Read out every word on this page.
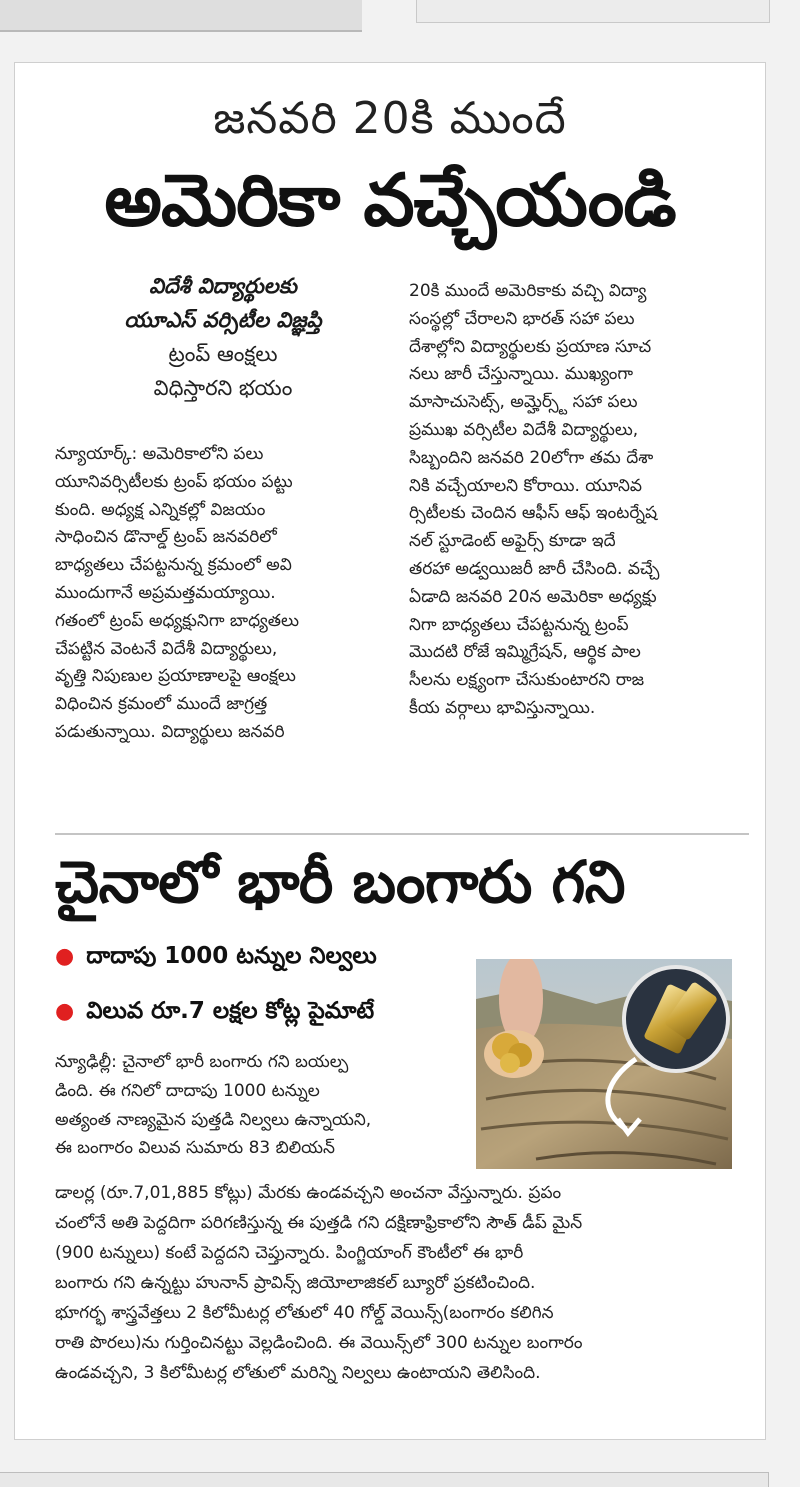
జనవరి 20కి ముందే
అమెరికా వచ్చేయండి
విదేశీ విద్యార్థులకు
యూఎస్ వర్సిటీల విజ్ఞప్తి
ట్రంప్ ఆంక్షలు
విధిస్తారని భయం
న్యూయార్క్: అమెరికాలోని పలు
యూనివర్సిటీలకు ట్రంప్ భయం పట్టు
కుంది. అధ్యక్ష ఎన్నికల్లో విజయం
సాధించిన డొనాల్డ్ ట్రంప్ జనవరిలో
బాధ్యతలు చేపట్టనున్న క్రమంలో అవి
ముందుగానే అప్రమత్తమయ్యాయి.
గతంలో ట్రంప్ అధ్యక్షునిగా బాధ్యతలు
చేపట్టిన వెంటనే విదేశీ విద్యార్థులు,
వృత్తి నిపుణుల ప్రయాణాలపై ఆంక్షలు
విధించిన క్రమంలో ముందే జాగ్రత్త
పడుతున్నాయి. విద్యార్థులు జనవరి
20కి ముందే అమెరికాకు వచ్చి విద్యా
సంస్థల్లో చేరాలని భారత్ సహా పలు
దేశాల్లోని విద్యార్థులకు ప్రయాణ సూచ
నలు జారీ చేస్తున్నాయి. ముఖ్యంగా
మాసాచుసెట్స్, అమ్హెర్స్ట్ సహా పలు
ప్రముఖ వర్సిటీల విదేశీ విద్యార్థులు,
సిబ్బందిని జనవరి 20లోగా తమ దేశా
నికి వచ్చేయాలని కోరాయి. యూనివ
ర్సిటీలకు చెందిన ఆఫీస్ ఆఫ్ ఇంటర్నేష
నల్ స్టూడెంట్ అఫైర్స్ కూడా ఇదే
తరహా అడ్వయిజరీ జారీ చేసింది. వచ్చే
ఏడాది జనవరి 20న అమెరికా అధ్యక్షు
నిగా బాధ్యతలు చేపట్టనున్న ట్రంప్
మొదటి రోజే ఇమ్మిగ్రేషన్, ఆర్థిక పాల
సీలను లక్ష్యంగా చేసుకుంటారని రాజ
కీయ వర్గాలు భావిస్తున్నాయి.
చైనాలో భారీ బంగారు గని
● దాదాపు 1000 టన్నుల నిల్వలు
● విలువ రూ.7 లక్షల కోట్ల పైమాటే
న్యూఢిల్లీ: చైనాలో భారీ బంగారు గని బయల్ప
డింది. ఈ గనిలో దాదాపు 1000 టన్నుల
అత్యంత నాణ్యమైన పుత్తడి నిల్వలు ఉన్నాయని,
ఈ బంగారం విలువ సుమారు 83 బిలియన్
డాలర్ల (రూ.7,01,885 కోట్లు) మేరకు ఉండవచ్చని అంచనా వేస్తున్నారు. ప్రపం
చంలోనే అతి పెద్దదిగా పరిగణిస్తున్న ఈ పుత్తడి గని దక్షిణాఫ్రికాలోని సౌత్ డీప్ మైన్
(900 టన్నులు) కంటే పెద్దదని చెప్తున్నారు. పింగ్జియాంగ్ కౌంటీలో ఈ భారీ
బంగారు గని ఉన్నట్టు హునాన్ ప్రావిన్స్ జియోలాజికల్ బ్యూరో ప్రకటించింది.
భూగర్భ శాస్త్రవేత్తలు 2 కిలోమీటర్ల లోతులో 40 గోల్డ్ వెయిన్స్(బంగారం కలిగిన
రాతి పొరలు)ను గుర్తించినట్టు వెల్లడించింది. ఈ వెయిన్స్‌లో 300 టన్నుల బంగారం
ఉండవచ్చని, 3 కిలోమీటర్ల లోతులో మరిన్ని నిల్వలు ఉంటాయని తెలిసింది.
